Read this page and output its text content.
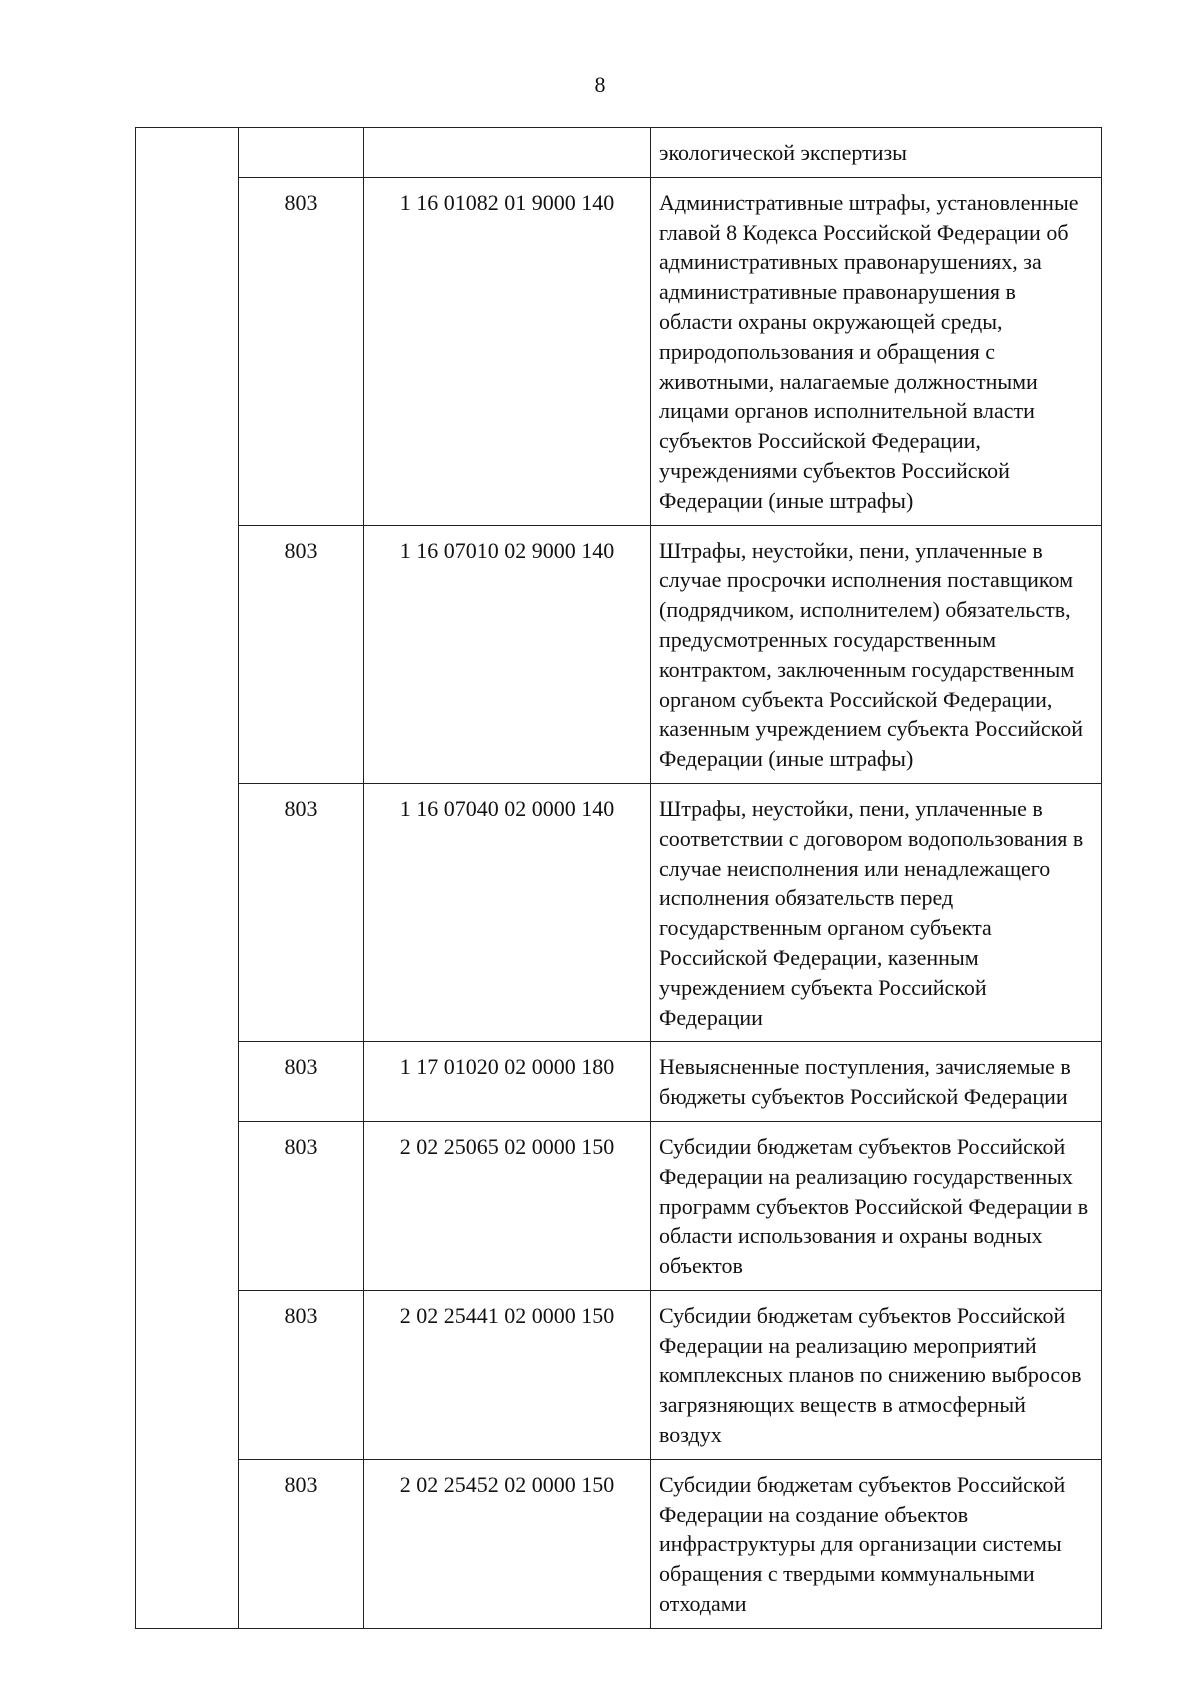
8
			экологической экспертизы
	803	1 16 01082 01 9000 140	Административные штрафы, установленные главой 8 Кодекса Российской Федерации об административных правонарушениях, за административные правонарушения в области охраны окружающей среды, природопользования и обращения с животными, налагаемые должностными лицами органов исполнительной власти субъектов Российской Федерации, учреждениями субъектов Российской Федерации (иные штрафы)
	803	1 16 07010 02 9000 140	Штрафы, неустойки, пени, уплаченные в случае просрочки исполнения поставщиком (подрядчиком, исполнителем) обязательств, предусмотренных государственным контрактом, заключенным государственным органом субъекта Российской Федерации, казенным учреждением субъекта Российской Федерации (иные штрафы)
	803	1 16 07040 02 0000 140	Штрафы, неустойки, пени, уплаченные в соответствии с договором водопользования в случае неисполнения или ненадлежащего исполнения обязательств перед государственным органом субъекта Российской Федерации, казенным учреждением субъекта Российской Федерации
	803	1 17 01020 02 0000 180	Невыясненные поступления, зачисляемые в бюджеты субъектов Российской Федерации
	803	2 02 25065 02 0000 150	Субсидии бюджетам субъектов Российской Федерации на реализацию государственных программ субъектов Российской Федерации в области использования и охраны водных объектов
	803	2 02 25441 02 0000 150	Субсидии бюджетам субъектов Российской Федерации на реализацию мероприятий комплексных планов по снижению выбросов загрязняющих веществ в атмосферный воздух
	803	2 02 25452 02 0000 150	Субсидии бюджетам субъектов Российской Федерации на создание объектов инфраструктуры для организации системы обращения с твердыми коммунальными отходами
